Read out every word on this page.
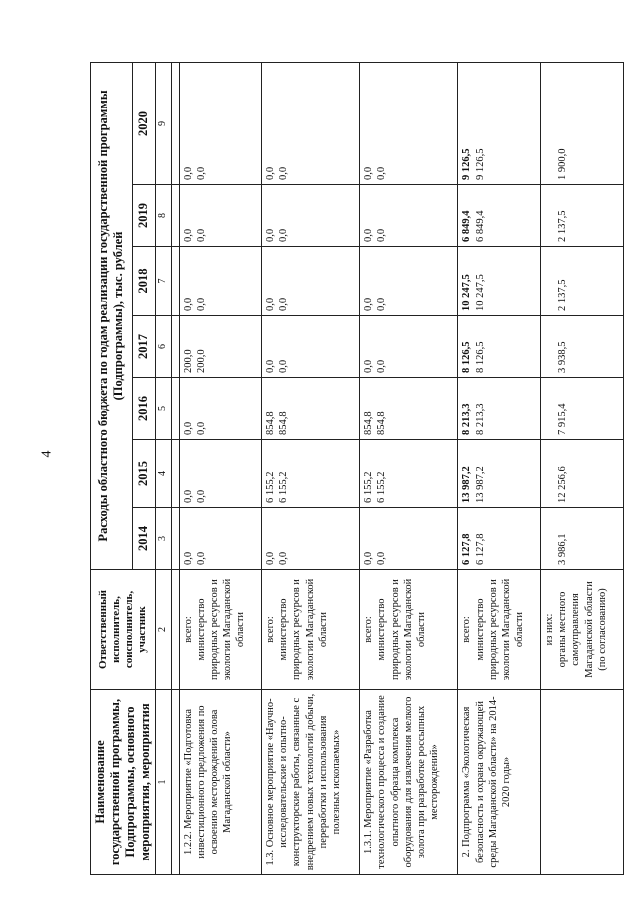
4
Наименование государственной программы, Подпрограммы, основного мероприятия, мероприятия	Ответственный исполнитель, соисполнитель, участник	Расходы областного бюджета по годам реализации государственной программы (Подпрограммы), тыс. рублей						
		2014	2015	2016	2017	2018	2019	2020
1	2	3	4	5	6	7	8	9

1.2.2. Мероприятие «Подготовка инвестиционного предложения по освоению месторождений олова Магаданской области»	всего: министерство природных ресурсов и экологии Магаданской области	0,0 0,0	0,0 0,0	0,0 0,0	200,0 200,0	0,0 0,0	0,0 0,0	0,0 0,0

1.3. Основное мероприятие «Научно-исследовательские и опытно-конструкторские работы, связанные с внедрением новых технологий добычи, переработки и использования полезных ископаемых»	всего: министерство природных ресурсов и экологии Магаданской области	0,0 0,0	6 155,2 6 155,2	854,8 854,8	0,0 0,0	0,0 0,0	0,0 0,0	0,0 0,0

1.3.1. Мероприятие «Разработка технологического процесса и создание опытного образца комплекса оборудования для извлечения мелкого золота при разработке россыпных месторождений»	всего: министерство природных ресурсов и экологии Магаданской области	0,0 0,0	6 155,2 6 155,2	854,8 854,8	0,0 0,0	0,0 0,0	0,0 0,0	0,0 0,0

2. Подпрограмма «Экологическая безопасность и охрана окружающей среды Магаданской области» на 2014-2020 годы»	всего: министерство природных ресурсов и экологии Магаданской области	6 127,8 6 127,8	13 987,2 13 987,2	8 213,3 8 213,3	8 126,5 8 126,5	10 247,5 10 247,5	6 849,4 6 849,4	9 126,5 9 126,5

	из них: органы местного самоуправления Магаданской области (по согласованию)	3 986,1	12 256,6	7 915,4	3 938,5	2 137,5	2 137,5	1 900,0
